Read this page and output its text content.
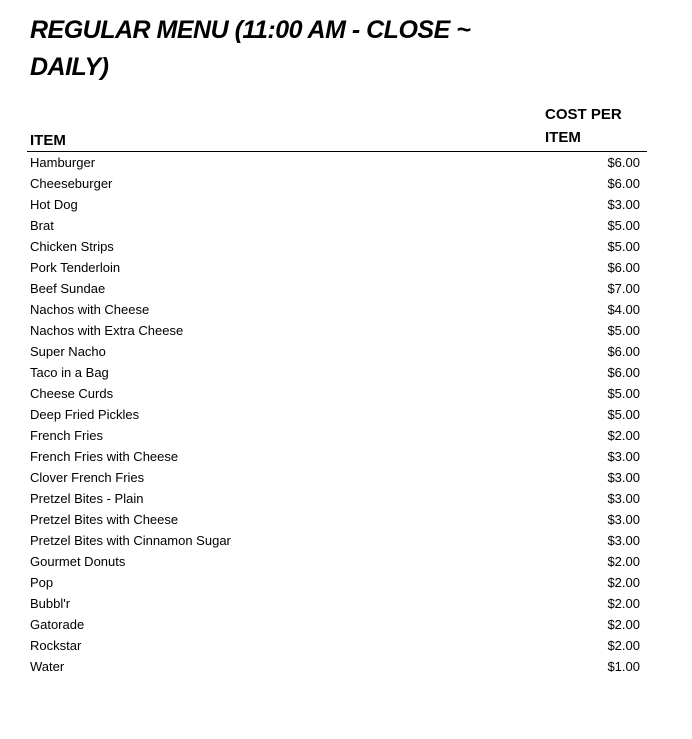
REGULAR MENU (11:00 AM - CLOSE ~ DAILY)
ITEM
COST PER ITEM
Hamburger	$6.00
Cheeseburger	$6.00
Hot Dog	$3.00
Brat	$5.00
Chicken Strips	$5.00
Pork Tenderloin	$6.00
Beef Sundae	$7.00
Nachos with Cheese	$4.00
Nachos with Extra Cheese	$5.00
Super Nacho	$6.00
Taco in a Bag	$6.00
Cheese Curds	$5.00
Deep Fried Pickles	$5.00
French Fries	$2.00
French Fries with Cheese	$3.00
Clover French Fries	$3.00
Pretzel Bites - Plain	$3.00
Pretzel Bites with Cheese	$3.00
Pretzel Bites with Cinnamon Sugar	$3.00
Gourmet Donuts	$2.00
Pop	$2.00
Bubbl'r	$2.00
Gatorade	$2.00
Rockstar	$2.00
Water	$1.00
